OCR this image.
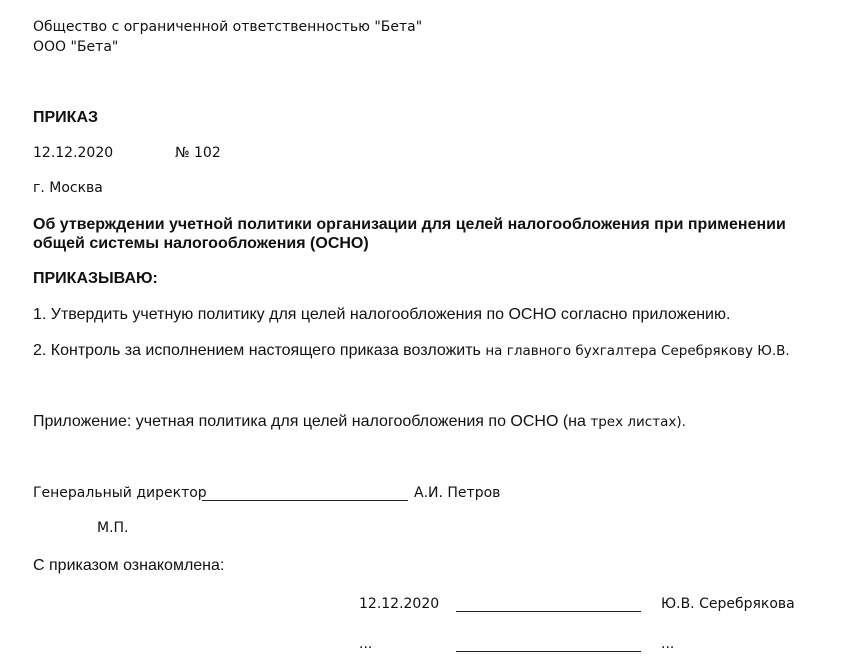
Общество с ограниченной ответственностью "Бета"
ООО "Бета"
ПРИКАЗ
12.12.2020	№ 102
г. Москва
Об утверждении учетной политики организации для целей налогообложения при применении
общей системы налогообложения (ОСНО)
ПРИКАЗЫВАЮ:
1. Утвердить учетную политику для целей налогообложения по ОСНО согласно приложению.
2. Контроль за исполнением настоящего приказа возложить на главного бухгалтера Серебрякову Ю.В.
Приложение: учетная политика для целей налогообложения по ОСНО (на трех листах).
Генеральный директор	А.И. Петров
М.П.
С приказом ознакомлена:
12.12.2020	Ю.В. Серебрякова
...	...
